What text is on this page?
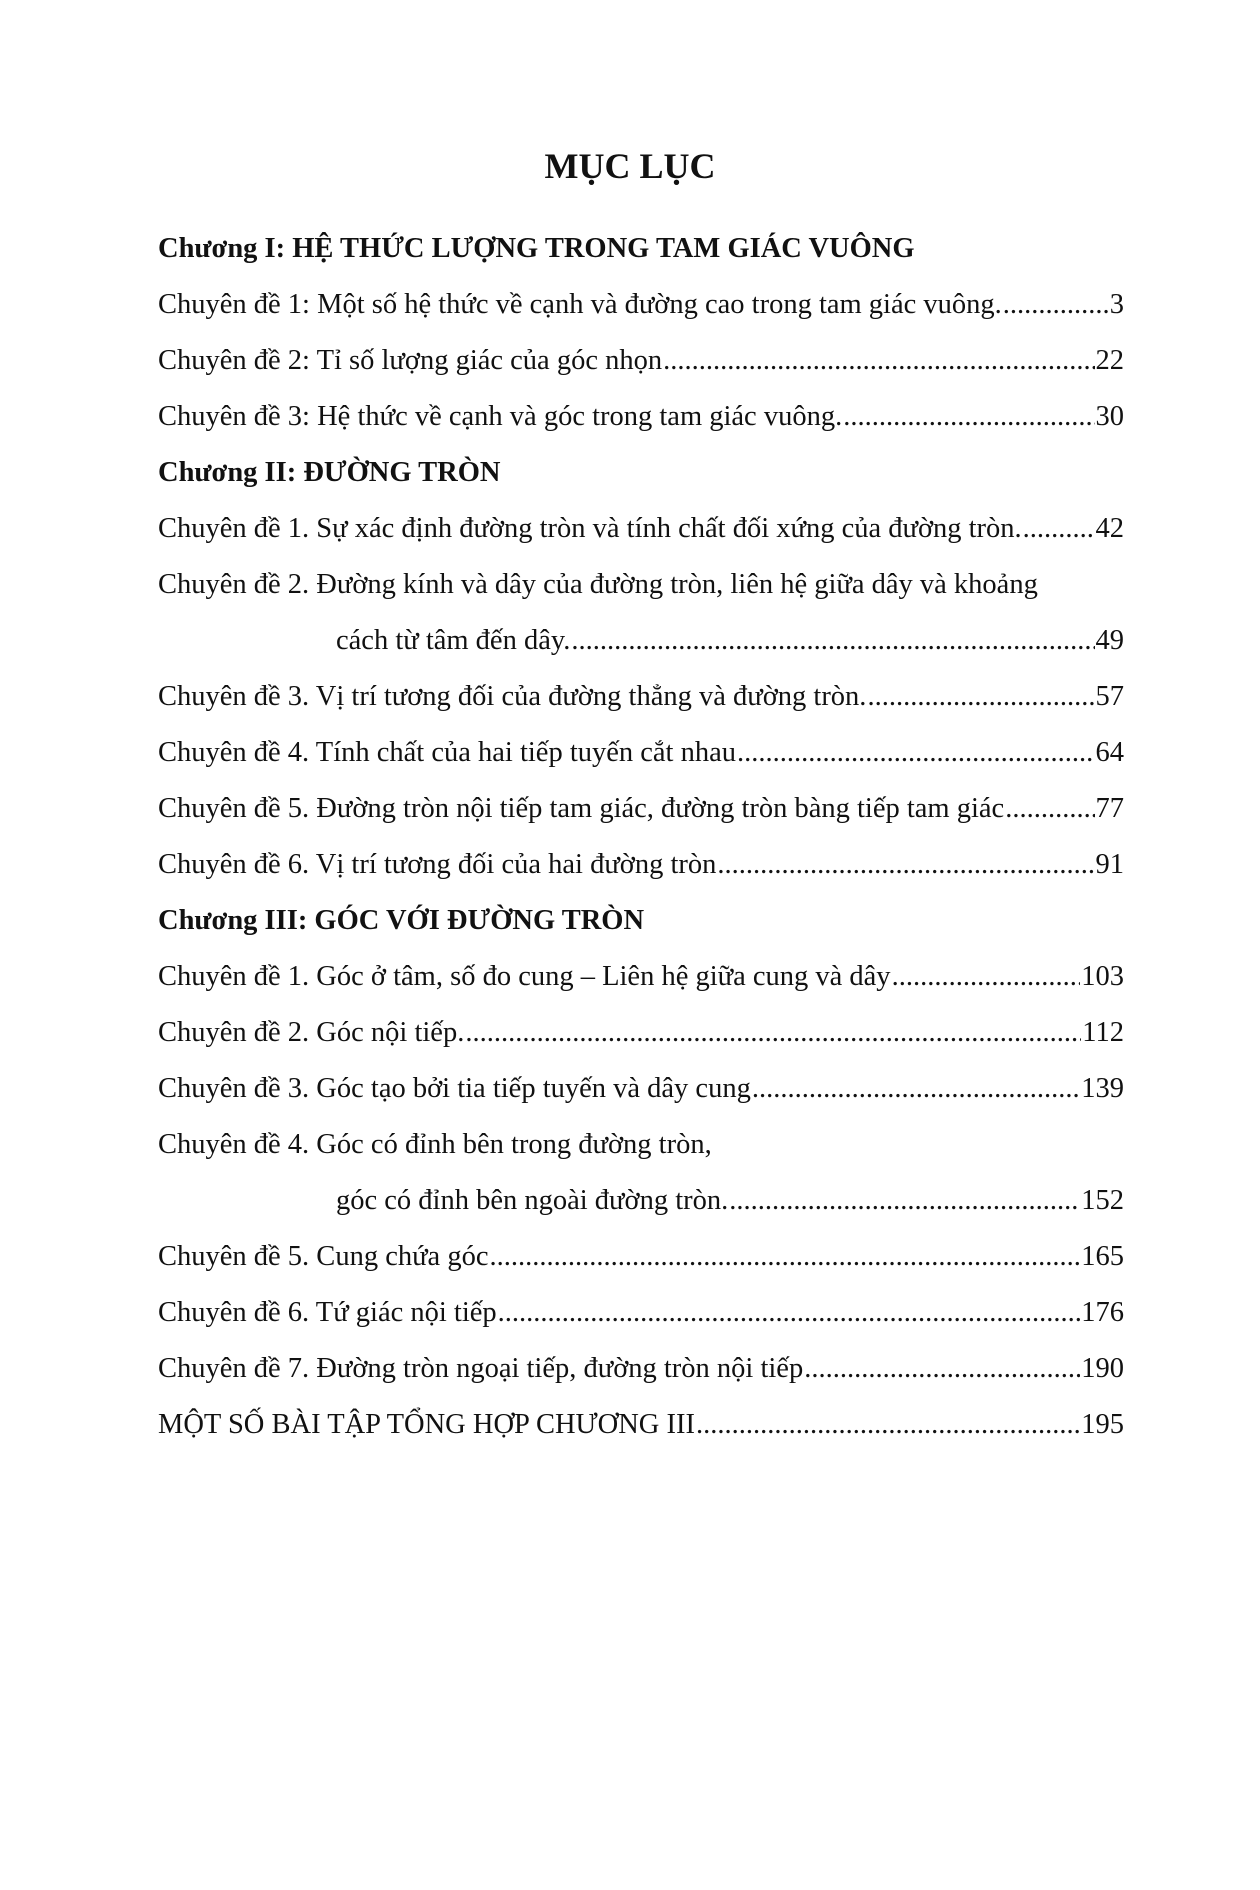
MỤC LỤC
Chương I: HỆ THỨC LƯỢNG TRONG TAM GIÁC VUÔNG
Chuyên đề 1: Một số hệ thức về cạnh và đường cao trong tam giác vuông. .....	3
Chuyên đề 2: Tỉ số lượng giác của góc nhọn .....	22
Chuyên đề 3: Hệ thức về cạnh và góc trong tam giác vuông. .....	30
Chương II: ĐƯỜNG TRÒN
Chuyên đề 1. Sự xác định đường tròn và tính chất đối xứng của đường tròn. .....	42
Chuyên đề 2. Đường kính và dây của đường tròn, liên hệ giữa dây và khoảng
cách từ tâm đến dây. .....	49
Chuyên đề 3. Vị trí tương đối của đường thẳng và đường tròn. .....	57
Chuyên đề 4. Tính chất của hai tiếp tuyến cắt nhau .....	64
Chuyên đề 5. Đường tròn nội tiếp tam giác, đường tròn bàng tiếp tam giác .....	77
Chuyên đề 6. Vị trí tương đối của hai đường tròn .....	91
Chương III: GÓC VỚI ĐƯỜNG TRÒN
Chuyên đề 1. Góc ở tâm, số đo cung – Liên hệ giữa cung và dây .....	103
Chuyên đề 2. Góc nội tiếp. .....	112
Chuyên đề 3. Góc tạo bởi tia tiếp tuyến và dây cung .....	139
Chuyên đề 4. Góc có đỉnh bên trong đường tròn,
góc có đỉnh bên ngoài đường tròn. .....	152
Chuyên đề 5. Cung chứa góc .....	165
Chuyên đề 6. Tứ giác nội tiếp .....	176
Chuyên đề 7. Đường tròn ngoại tiếp, đường tròn nội tiếp .....	190
MỘT SỐ BÀI TẬP TỔNG HỢP CHƯƠNG III .....	195
